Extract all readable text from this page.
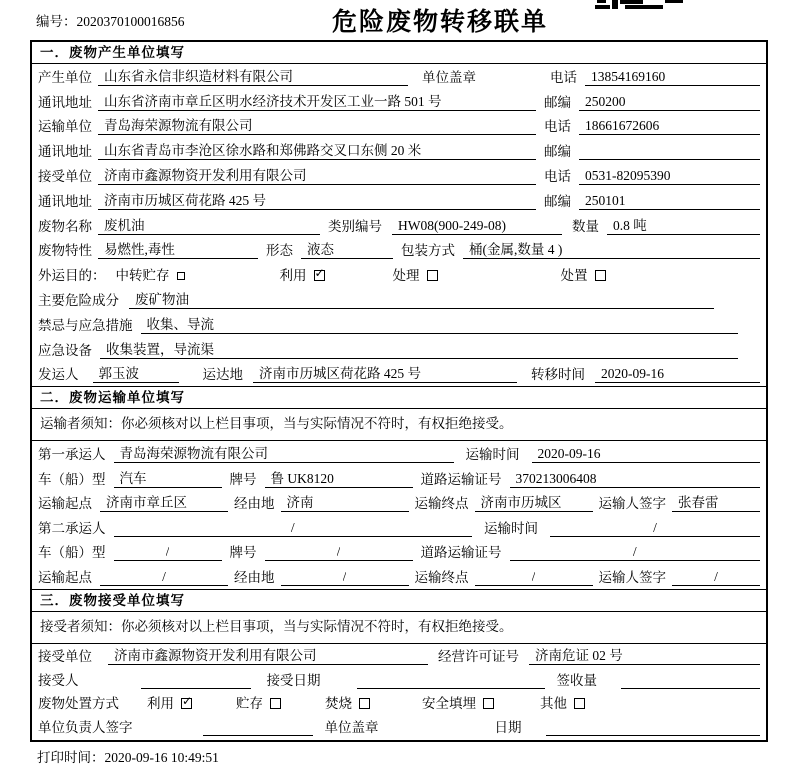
编号：2020370100016856	危险废物转移联单
一．废物产生单位填写
产生单位 山东省永信非织造材料有限公司	单位盖章	电话	13854169160
通讯地址 山东省济南市章丘区明水经济技术开发区工业一路 501 号	邮编	250200
运输单位 青岛海荣源物流有限公司	电话	18661672606
通讯地址 山东省青岛市李沧区徐水路和郑佛路交叉口东侧 20 米	邮编
接受单位 济南市鑫源物资开发利用有限公司	电话	0531-82095390
通讯地址 济南市历城区荷花路 425 号	邮编	250101
废物名称 废机油	类别编号	HW08(900-249-08)	数量	0.8 吨
废物特性 易燃性,毒性	形态	液态	包装方式	桶(金属,数量 4 )
外运目的： 中转贮存	利用 ✓	处理	处置
主要危险成分	废矿物油
禁忌与应急措施	收集、导流
应急设备	收集装置，导流渠
发运人	郭玉波	运达地	济南市历城区荷花路 425 号	转移时间	2020-09-16
二．废物运输单位填写
运输者须知：你必须核对以上栏目事项，当与实际情况不符时，有权拒绝接受。
第一承运人	青岛海荣源物流有限公司	运输时间	2020-09-16
车（船）型	汽车	牌号	鲁 UK8120	道路运输证号	370213006408
运输起点	济南市章丘区	经由地 济南	运输终点 济南市历城区	运输人签字 张春雷
第二承运人	/	运输时间	/
车（船）型	/	牌号	/	道路运输证号	/
运输起点	/	经由地	/	运输终点	/	运输人签字	/
三．废物接受单位填写
接受者须知：你必须核对以上栏目事项，当与实际情况不符时，有权拒绝接受。
接受单位	济南市鑫源物资开发利用有限公司	经营许可证号	济南危证 02 号
接受人	接受日期	签收量
废物处置方式 利用 ✓	贮存	焚烧	安全填埋	其他
单位负责人签字	单位盖章	日期
打印时间：2020-09-16 10:49:51
